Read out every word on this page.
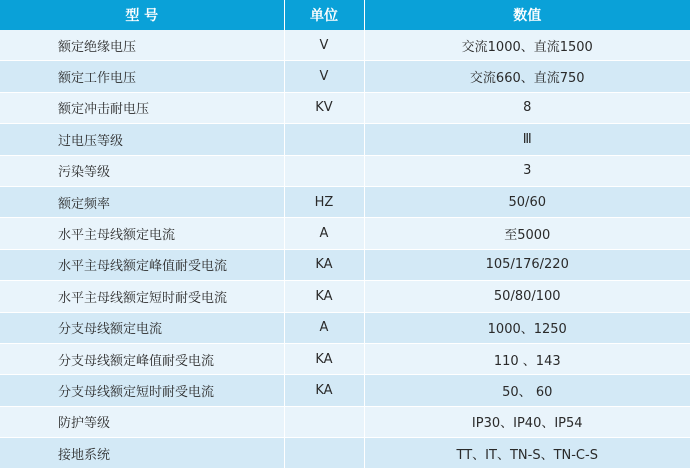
型 号	单位	数值
额定绝缘电压	V	交流1000、直流1500
额定工作电压	V	交流660、直流750
额定冲击耐电压	KV	8
过电压等级		Ⅲ
污染等级		3
额定频率	HZ	50/60
水平主母线额定电流	A	至5000
水平主母线额定峰值耐受电流	KA	105/176/220
水平主母线额定短时耐受电流	KA	50/80/100
分支母线额定电流	A	1000、1250
分支母线额定峰值耐受电流	KA	110 、143
分支母线额定短时耐受电流	KA	50、 60
防护等级		IP30、IP40、IP54
接地系统		TT、IT、TN-S、TN-C-S
